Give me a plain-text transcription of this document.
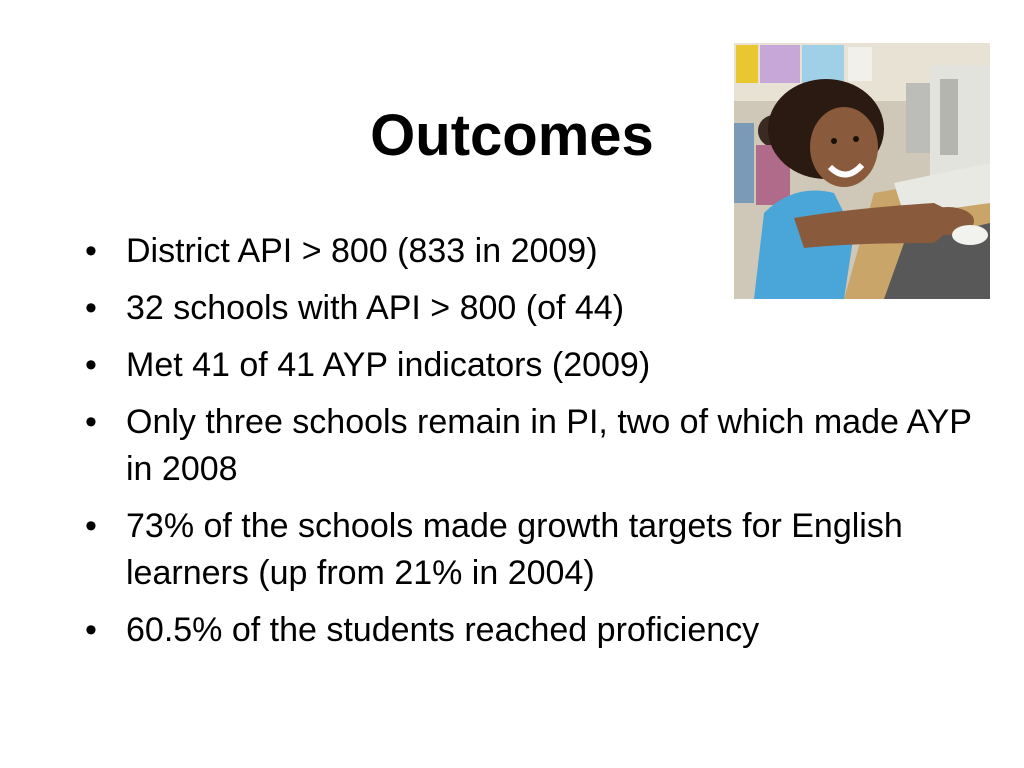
Outcomes
• District API > 800 (833 in 2009)
• 32 schools with API > 800 (of 44)
• Met 41 of 41 AYP indicators (2009)
• Only three schools remain in PI, two of which made AYP in 2008
• 73% of the schools made growth targets for English learners (up from 21% in 2004)
• 60.5% of the students reached proficiency
